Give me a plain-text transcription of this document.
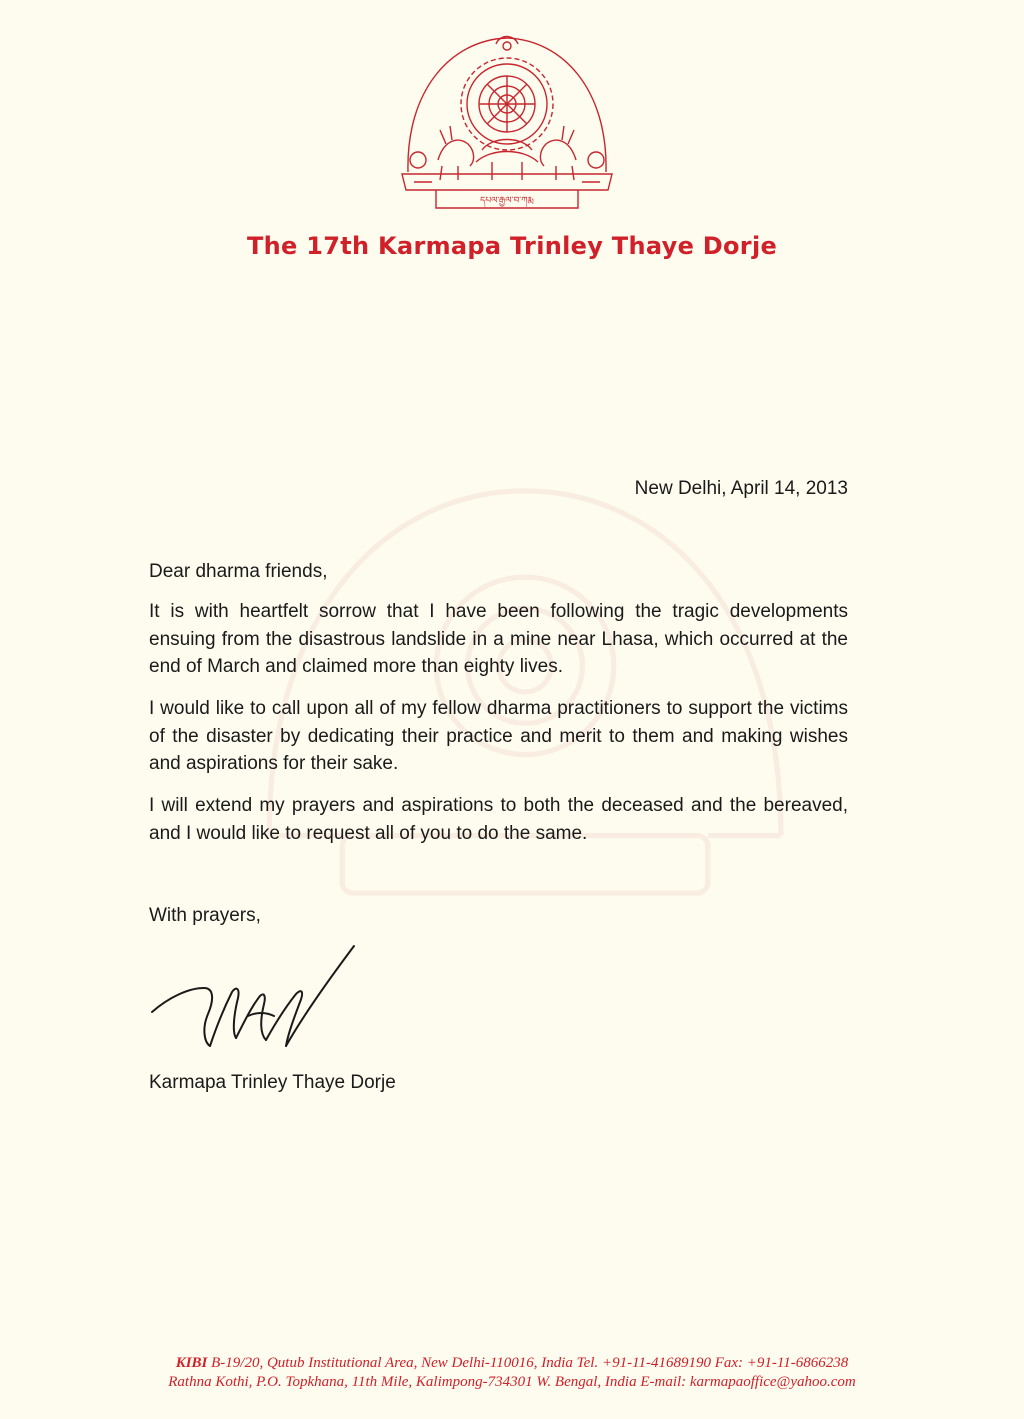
དཔལ་རྒྱལ་བ་ཀརྨ
The 17th Karmapa Trinley Thaye Dorje
New Delhi, April 14, 2013
Dear dharma friends,

It is with heartfelt sorrow that I have been following the tragic developments ensuing from the disastrous landslide in a mine near Lhasa, which occurred at the end of March and claimed more than eighty lives.

I would like to call upon all of my fellow dharma practitioners to support the victims of the disaster by dedicating their practice and merit to them and making wishes and aspirations for their sake.

I will extend my prayers and aspirations to both the deceased and the bereaved, and I would like to request all of you to do the same.

With prayers,
Karmapa Trinley Thaye Dorje
KIBI B-19/20, Qutub Institutional Area, New Delhi-110016, India Tel. +91-11-41689190 Fax: +91-11-6866238
Rathna Kothi, P.O. Topkhana, 11th Mile, Kalimpong-734301 W. Bengal, India E-mail: karmapaoffice@yahoo.com
